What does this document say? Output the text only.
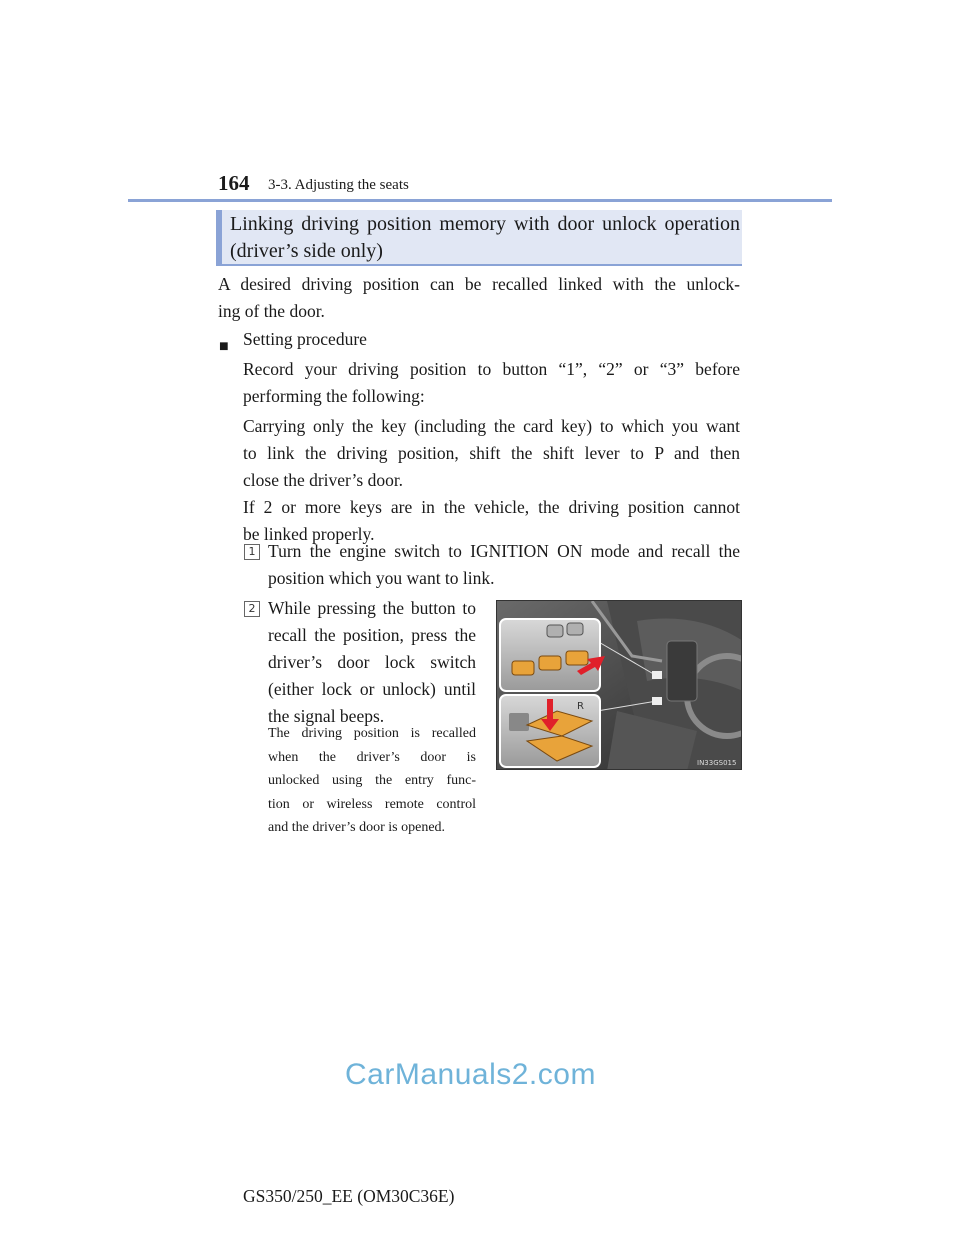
164 3-3. Adjusting the seats
Linking driving position memory with door unlock operation
(driver’s side only)
A desired driving position can be recalled linked with the unlock-
ing of the door.
■ Setting procedure
Record your driving position to button “1”, “2” or “3” before
performing the following:
Carrying only the key (including the card key) to which you want
to link the driving position, shift the shift lever to P and then
close the driver’s door.
If 2 or more keys are in the vehicle, the driving position cannot
be linked properly.
1 Turn the engine switch to IGNITION ON mode and recall the
position which you want to link.
2 While pressing the button to
recall the position, press the
driver’s door lock switch
(either lock or unlock) until
the signal beeps.
The driving position is recalled
when the driver’s door is
unlocked using the entry func-
tion or wireless remote control
and the driver’s door is opened.
R
IN33GS015
CarManuals2.com
GS350/250_EE (OM30C36E)
